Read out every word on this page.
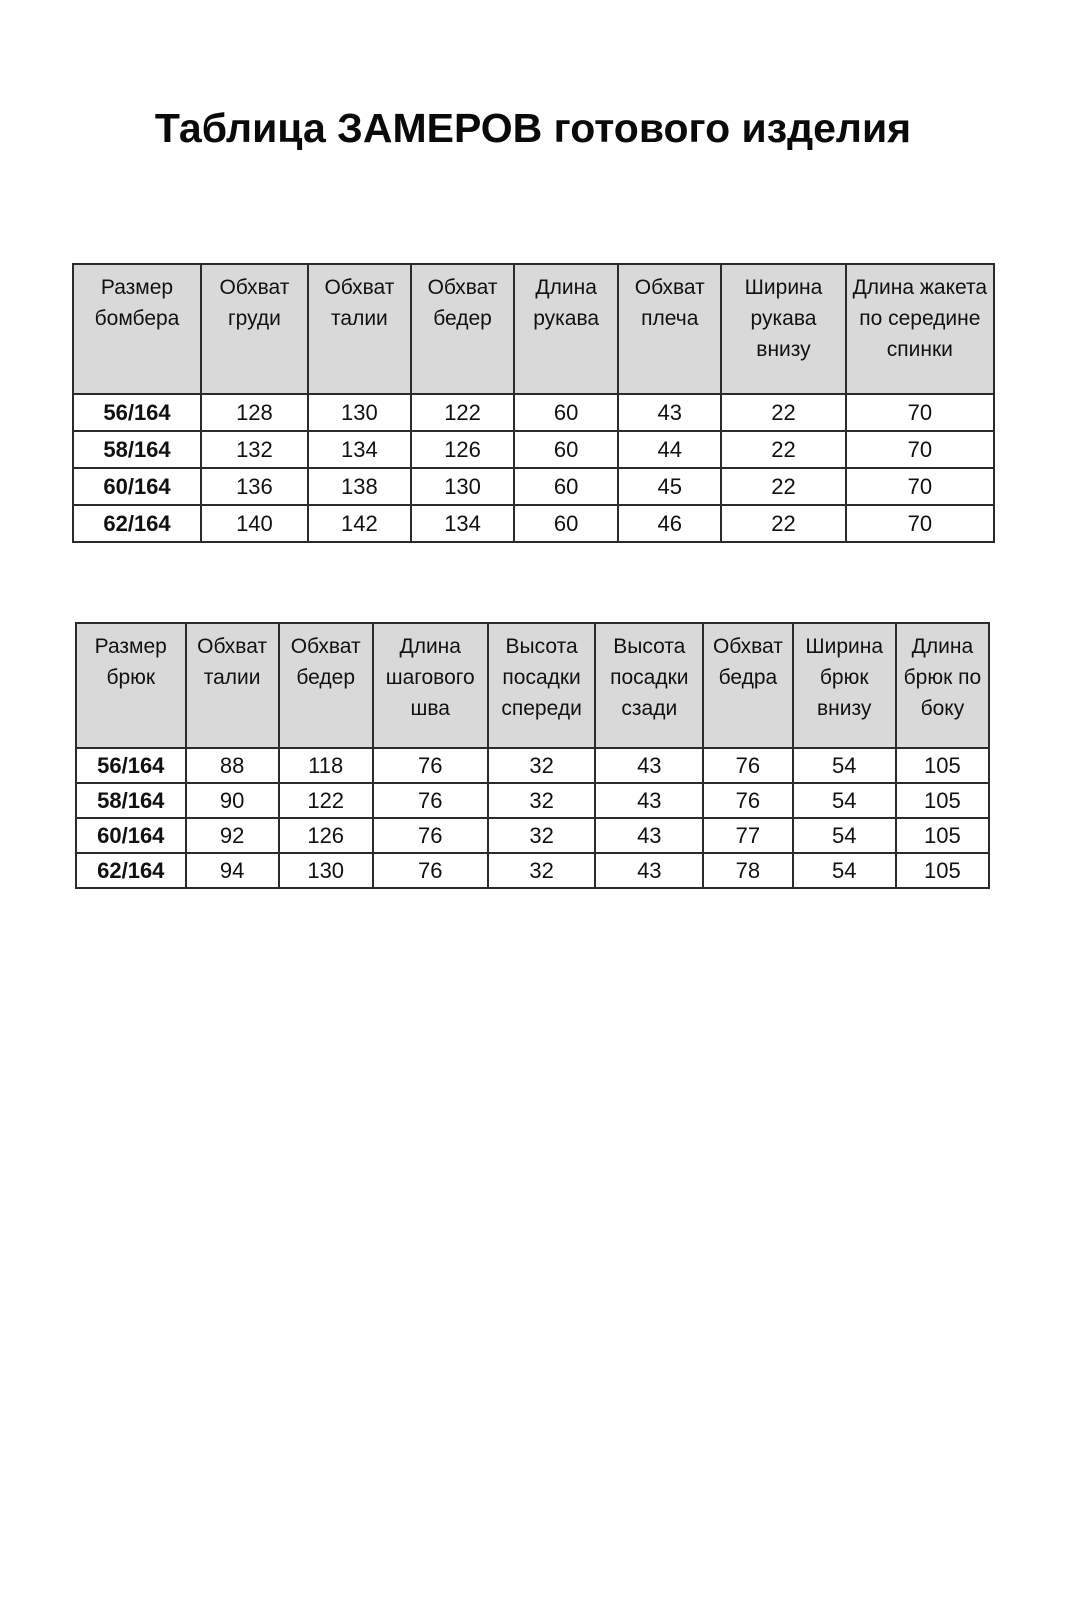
Таблица ЗАМЕРОВ готового изделия
Размер бомбера	Обхват груди	Обхват талии	Обхват бедер	Длина рукава	Обхват плеча	Ширина рукава внизу	Длина жакета по середине спинки
56/164	128	130	122	60	43	22	70
58/164	132	134	126	60	44	22	70
60/164	136	138	130	60	45	22	70
62/164	140	142	134	60	46	22	70
Размер брюк	Обхват талии	Обхват бедер	Длина шагового шва	Высота посадки спереди	Высота посадки сзади	Обхват бедра	Ширина брюк внизу	Длина брюк по боку
56/164	88	118	76	32	43	76	54	105
58/164	90	122	76	32	43	76	54	105
60/164	92	126	76	32	43	77	54	105
62/164	94	130	76	32	43	78	54	105
